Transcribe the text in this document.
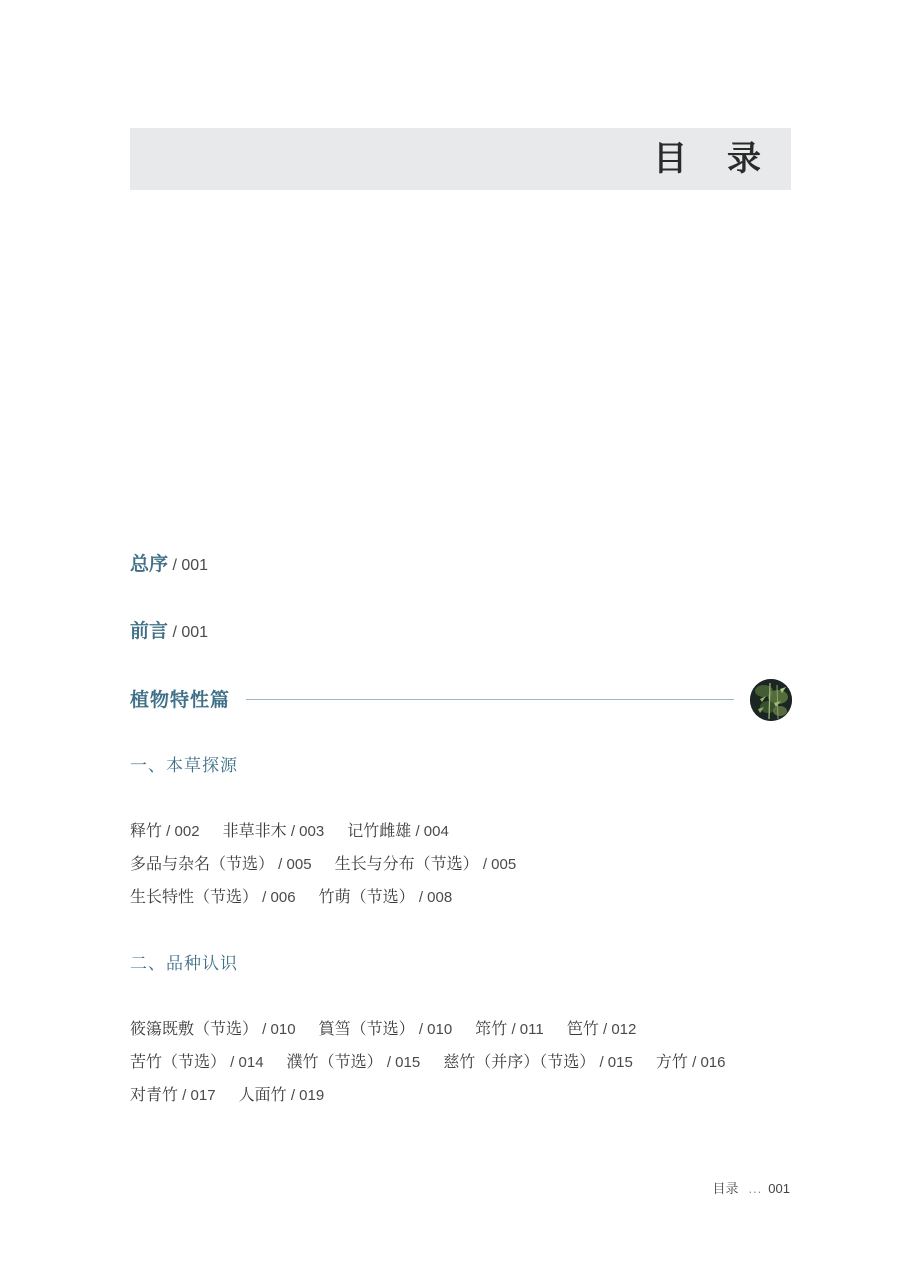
目 录
总序 / 001
前言 / 001
植物特性篇
一、本草探源
释竹 / 002 非草非木 / 003 记竹雌雄 / 004
多品与杂名（节选） / 005 生长与分布（节选） / 005
生长特性（节选） / 006 竹萌（节选） / 008
二、品种认识
筱簜既敷（节选） / 010 篔筜（节选） / 010 筇竹 / 011 笆竹 / 012
苦竹（节选） / 014 濮竹（节选） / 015 慈竹（并序）（节选） / 015 方竹 / 016
对青竹 / 017 人面竹 / 019
目录 ... 001
